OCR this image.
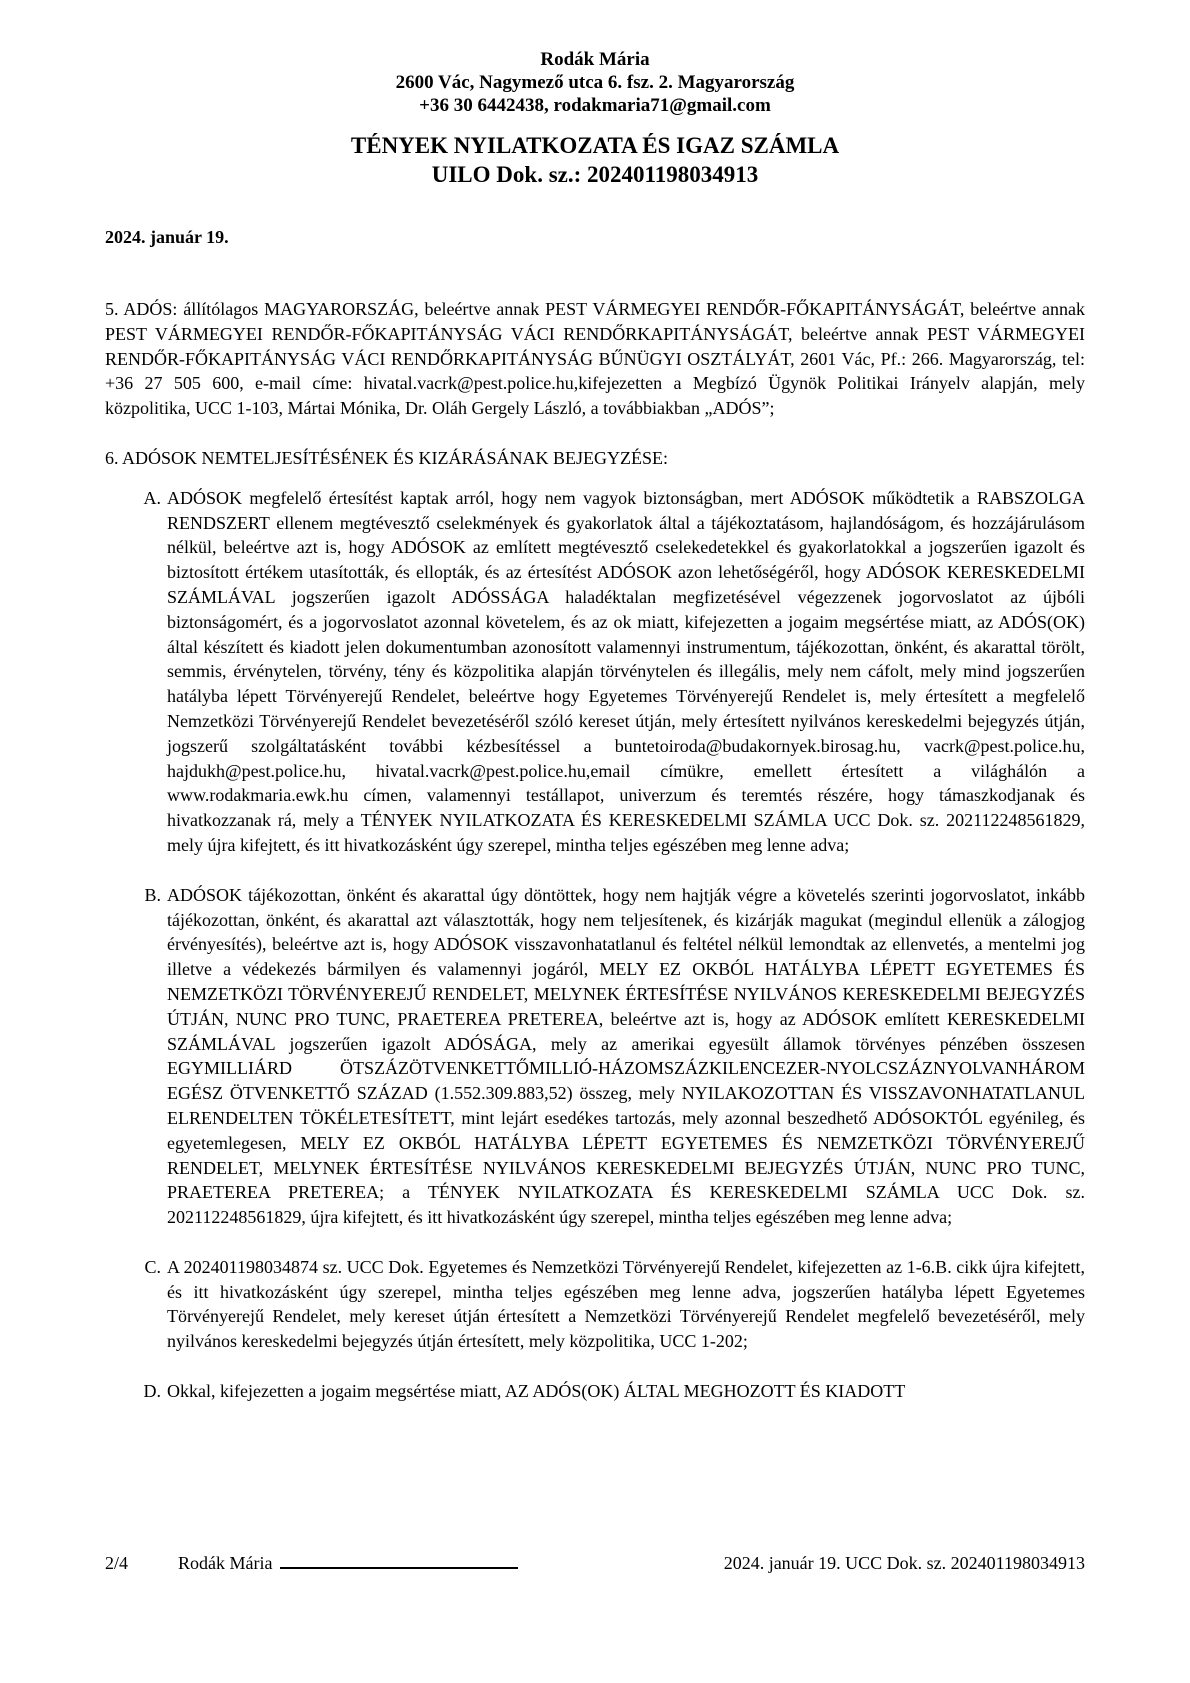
Rodák Mária
2600 Vác, Nagymező utca 6. fsz. 2. Magyarország
+36 30 6442438, rodakmaria71@gmail.com
TÉNYEK NYILATKOZATA ÉS IGAZ SZÁMLA
UILO Dok. sz.: 202401198034913
2024. január 19.

5. ADÓS: állítólagos MAGYARORSZÁG, beleértve annak PEST VÁRMEGYEI RENDŐR-FŐKAPITÁNYSÁGÁT, beleértve annak PEST VÁRMEGYEI RENDŐR-FŐKAPITÁNYSÁG VÁCI RENDŐRKAPITÁNYSÁGÁT, beleértve annak PEST VÁRMEGYEI RENDŐR-FŐKAPITÁNYSÁG VÁCI RENDŐRKAPITÁNYSÁG BŰNÜGYI OSZTÁLYÁT, 2601 Vác, Pf.: 266. Magyarország, tel: +36 27 505 600, e-mail címe: hivatal.vacrk@pest.police.hu,kifejezetten a Megbízó Ügynök Politikai Irányelv alapján, mely közpolitika, UCC 1-103, Mártai Mónika, Dr. Oláh Gergely László, a továbbiakban „ADÓS”;

6. ADÓSOK NEMTELJESÍTÉSÉNEK ÉS KIZÁRÁSÁNAK BEJEGYZÉSE:
A. ADÓSOK megfelelő értesítést kaptak arról, hogy nem vagyok biztonságban, mert ADÓSOK működtetik a RABSZOLGA RENDSZERT ellenem megtévesztő cselekmények és gyakorlatok által a tájékoztatásom, hajlandóságom, és hozzájárulásom nélkül, beleértve azt is, hogy ADÓSOK az említett megtévesztő cselekedetekkel és gyakorlatokkal a jogszerűen igazolt és biztosított értékem utasították, és ellopták, és az értesítést ADÓSOK azon lehetőségéről, hogy ADÓSOK KERESKEDELMI SZÁMLÁVAL jogszerűen igazolt ADÓSSÁGA haladéktalan megfizetésével végezzenek jogorvoslatot az újbóli biztonságomért, és a jogorvoslatot azonnal követelem, és az ok miatt, kifejezetten a jogaim megsértése miatt, az ADÓS(OK) által készített és kiadott jelen dokumentumban azonosított valamennyi instrumentum, tájékozottan, önként, és akarattal törölt, semmis, érvénytelen, törvény, tény és közpolitika alapján törvénytelen és illegális, mely nem cáfolt, mely mind jogszerűen hatályba lépett Törvényerejű Rendelet, beleértve hogy Egyetemes Törvényerejű Rendelet is, mely értesített a megfelelő Nemzetközi Törvényerejű Rendelet bevezetéséről szóló kereset útján, mely értesített nyilvános kereskedelmi bejegyzés útján, jogszerű szolgáltatásként további kézbesítéssel a buntetoiroda@budakornyek.birosag.hu, vacrk@pest.police.hu, hajdukh@pest.police.hu, hivatal.vacrk@pest.police.hu,email címükre, emellett értesített a világhálón a www.rodakmaria.ewk.hu címen, valamennyi testállapot, univerzum és teremtés részére, hogy támaszkodjanak és hivatkozzanak rá, mely a TÉNYEK NYILATKOZATA ÉS KERESKEDELMI SZÁMLA UCC Dok. sz. 202112248561829, mely újra kifejtett, és itt hivatkozásként úgy szerepel, mintha teljes egészében meg lenne adva;

B. ADÓSOK tájékozottan, önként és akarattal úgy döntöttek, hogy nem hajtják végre a követelés szerinti jogorvoslatot, inkább tájékozottan, önként, és akarattal azt választották, hogy nem teljesítenek, és kizárják magukat (megindul ellenük a zálogjog érvényesítés), beleértve azt is, hogy ADÓSOK visszavonhatatlanul és feltétel nélkül lemondtak az ellenvetés, a mentelmi jog illetve a védekezés bármilyen és valamennyi jogáról, MELY EZ OKBÓL HATÁLYBA LÉPETT EGYETEMES ÉS NEMZETKÖZI TÖRVÉNYEREJŰ RENDELET, MELYNEK ÉRTESÍTÉSE NYILVÁNOS KERESKEDELMI BEJEGYZÉS ÚTJÁN, NUNC PRO TUNC, PRAETEREA PRETEREA, beleértve azt is, hogy az ADÓSOK említett KERESKEDELMI SZÁMLÁVAL jogszerűen igazolt ADÓSÁGA, mely az amerikai egyesült államok törvényes pénzében összesen EGYMILLIÁRD ÖTSZÁZÖTVENKETTŐMILLIÓ-HÁZOMSZÁZKILENCEZER-NYOLCSZÁZNYOLVANHÁROM EGÉSZ ÖTVENKETTŐ SZÁZAD (1.552.309.883,52) összeg, mely NYILAKOZOTTAN ÉS VISSZAVONHATATLANUL ELRENDELTEN TÖKÉLETESÍTETT, mint lejárt esedékes tartozás, mely azonnal beszedhető ADÓSOKTÓL egyénileg, és egyetemlegesen, MELY EZ OKBÓL HATÁLYBA LÉPETT EGYETEMES ÉS NEMZETKÖZI TÖRVÉNYEREJŰ RENDELET, MELYNEK ÉRTESÍTÉSE NYILVÁNOS KERESKEDELMI BEJEGYZÉS ÚTJÁN, NUNC PRO TUNC, PRAETEREA PRETEREA; a TÉNYEK NYILATKOZATA ÉS KERESKEDELMI SZÁMLA UCC Dok. sz. 202112248561829, újra kifejtett, és itt hivatkozásként úgy szerepel, mintha teljes egészében meg lenne adva;

C. A 202401198034874 sz. UCC Dok. Egyetemes és Nemzetközi Törvényerejű Rendelet, kifejezetten az 1-6.B. cikk újra kifejtett, és itt hivatkozásként úgy szerepel, mintha teljes egészében meg lenne adva, jogszerűen hatályba lépett Egyetemes Törvényerejű Rendelet, mely kereset útján értesített a Nemzetközi Törvényerejű Rendelet megfelelő bevezetéséről, mely nyilvános kereskedelmi bejegyzés útján értesített, mely közpolitika, UCC 1-202;

D. Okkal, kifejezetten a jogaim megsértése miatt, AZ ADÓS(OK) ÁLTAL MEGHOZOTT ÉS KIADOTT

2/4	Rodák Mária	2024. január 19. UCC Dok. sz. 202401198034913
